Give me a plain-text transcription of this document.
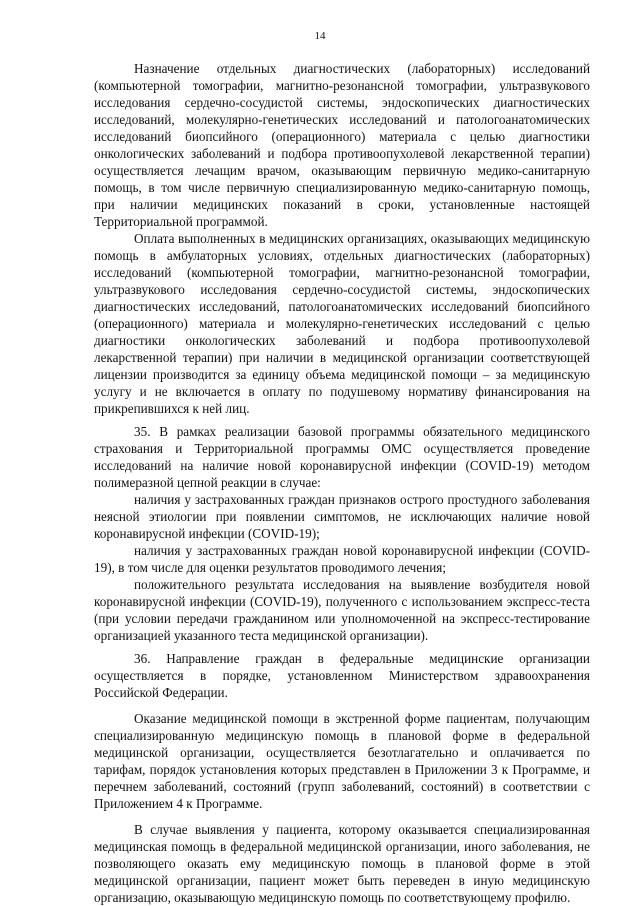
14

Назначение отдельных диагностических (лабораторных) исследований (компьютерной томографии, магнитно-резонансной томографии, ультразвукового исследования сердечно-сосудистой системы, эндоскопических диагностических исследований, молекулярно-генетических исследований и патологоанатомических исследований биопсийного (операционного) материала с целью диагностики онкологических заболеваний и подбора противоопухолевой лекарственной терапии) осуществляется лечащим врачом, оказывающим первичную медико-санитарную помощь, в том числе первичную специализированную медико-санитарную помощь, при наличии медицинских показаний в сроки, установленные настоящей Территориальной программой.

Оплата выполненных в медицинских организациях, оказывающих медицинскую помощь в амбулаторных условиях, отдельных диагностических (лабораторных) исследований (компьютерной томографии, магнитно-резонансной томографии, ультразвукового исследования сердечно-сосудистой системы, эндоскопических диагностических исследований, патологоанатомических исследований биопсийного (операционного) материала и молекулярно-генетических исследований с целью диагностики онкологических заболеваний и подбора противоопухолевой лекарственной терапии) при наличии в медицинской организации соответствующей лицензии производится за единицу объема медицинской помощи – за медицинскую услугу и не включается в оплату по подушевому нормативу финансирования на прикрепившихся к ней лиц.

35. В рамках реализации базовой программы обязательного медицинского страхования и Территориальной программы ОМС осуществляется проведение исследований на наличие новой коронавирусной инфекции (COVID-19) методом полимеразной цепной реакции в случае:

наличия у застрахованных граждан признаков острого простудного заболевания неясной этиологии при появлении симптомов, не исключающих наличие новой коронавирусной инфекции (COVID-19);

наличия у застрахованных граждан новой коронавирусной инфекции (COVID-19), в том числе для оценки результатов проводимого лечения;

положительного результата исследования на выявление возбудителя новой коронавирусной инфекции (COVID-19), полученного с использованием экспресс-теста (при условии передачи гражданином или уполномоченной на экспресс-тестирование организацией указанного теста медицинской организации).

36. Направление граждан в федеральные медицинские организации осуществляется в порядке, установленном Министерством здравоохранения Российской Федерации.

Оказание медицинской помощи в экстренной форме пациентам, получающим специализированную медицинскую помощь в плановой форме в федеральной медицинской организации, осуществляется безотлагательно и оплачивается по тарифам, порядок установления которых представлен в Приложении 3 к Программе, и перечнем заболеваний, состояний (групп заболеваний, состояний) в соответствии с Приложением 4 к Программе.

В случае выявления у пациента, которому оказывается специализированная медицинская помощь в федеральной медицинской организации, иного заболевания, не позволяющего оказать ему медицинскую помощь в плановой форме в этой медицинской организации, пациент может быть переведен в иную медицинскую организацию, оказывающую медицинскую помощь по соответствующему профилю.
